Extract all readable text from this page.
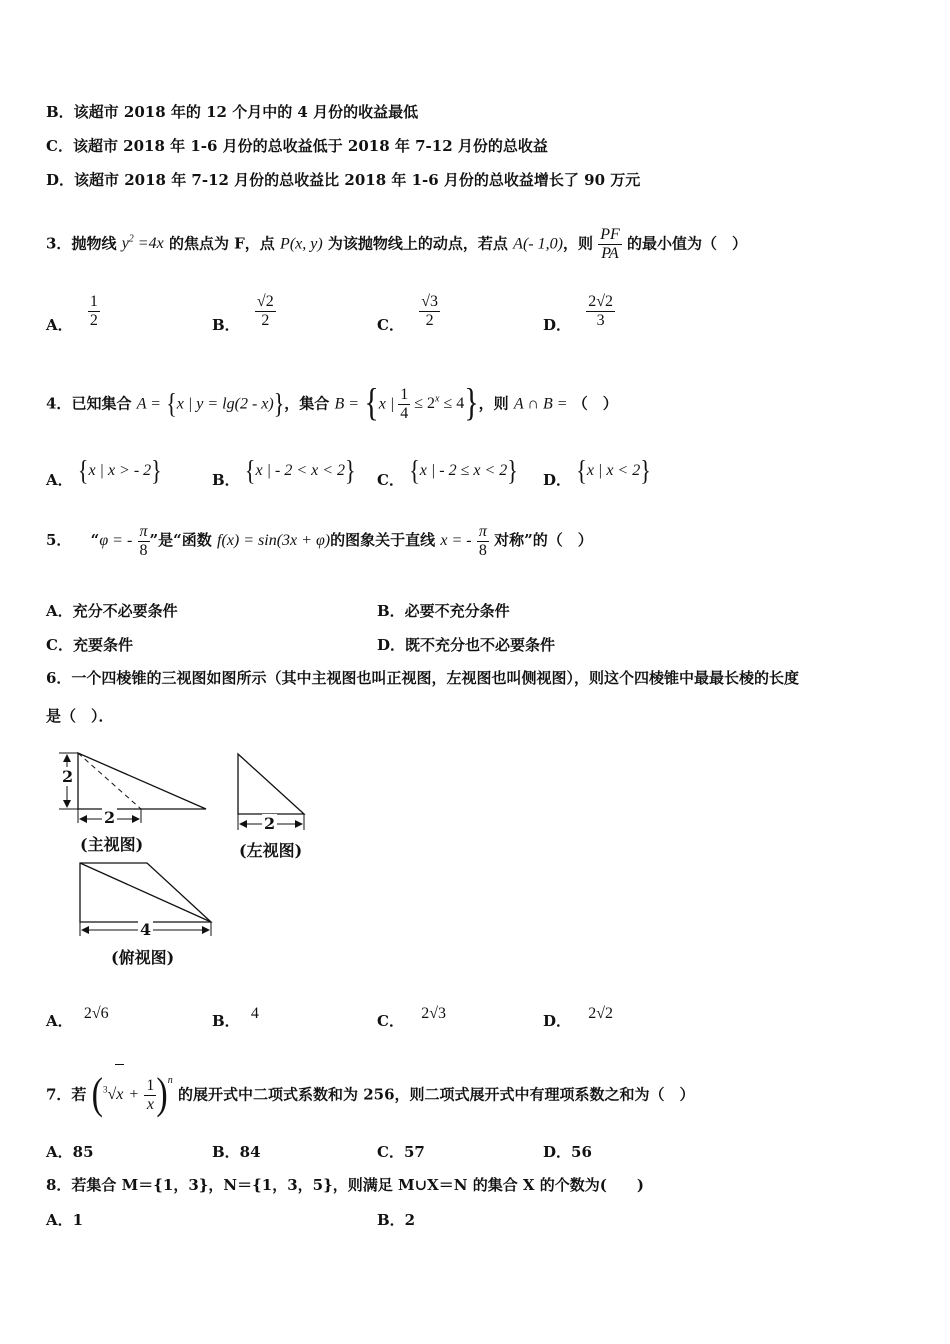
B．该超市 2018 年的 12 个月中的 4 月份的收益最低
C．该超市 2018 年 1-6 月份的总收益低于 2018 年 7-12 月份的总收益
D．该超市 2018 年 7-12 月份的总收益比 2018 年 1-6 月份的总收益增长了 90 万元
3．抛物线 $y^2 =4x$ 的焦点为 F，点 P(x, y) 为该抛物线上的动点，若点 A(- 1,0)，则 $\frac{PF}{PA}$ 的最小值为（　）
A． $\frac{1}{2}$	B． $\frac{√2}{2}$	C． $\frac{√3}{2}$	D． $\frac{2√2}{3}$
4．已知集合 A = {x | y = lg(2 - x)}，集合 B = {x | $\frac{1}{4} \le 2^x \le 4$}，则 A ∩ B = （　）
A． {x | x > - 2}	B． {x | - 2 < x < 2} C． {x | - 2 ≤ x < 2} D． {x | x < 2}
5． “φ = - $\frac{\pi}{8}$ ”是“函数 f(x) = sin(3x + φ)的图象关于直线 x = - $\frac{\pi}{8}$ 对称”的（　）
A．充分不必要条件	B．必要不充分条件
C．充要条件	D．既不充分也不必要条件
6．一个四棱锥的三视图如图所示（其中主视图也叫正视图，左视图也叫侧视图），则这个四棱锥中最最长棱的长度
是（　）．
2
2
(主视图)
2
(左视图)
4
(俯视图)
A． 2√6	B． 4	C． 2√3	D． 2√2
7．若 $(^3√x + \frac{1}{x} )^n$ 的展开式中二项式系数和为 256，则二项式展开式中有理项系数之和为（　）
A．85	B．84	C．57	D．56
8．若集合 M＝{1，3}，N＝{1，3，5}，则满足 M∪X＝N 的集合 X 的个数为(　　)
A．1	B．2
